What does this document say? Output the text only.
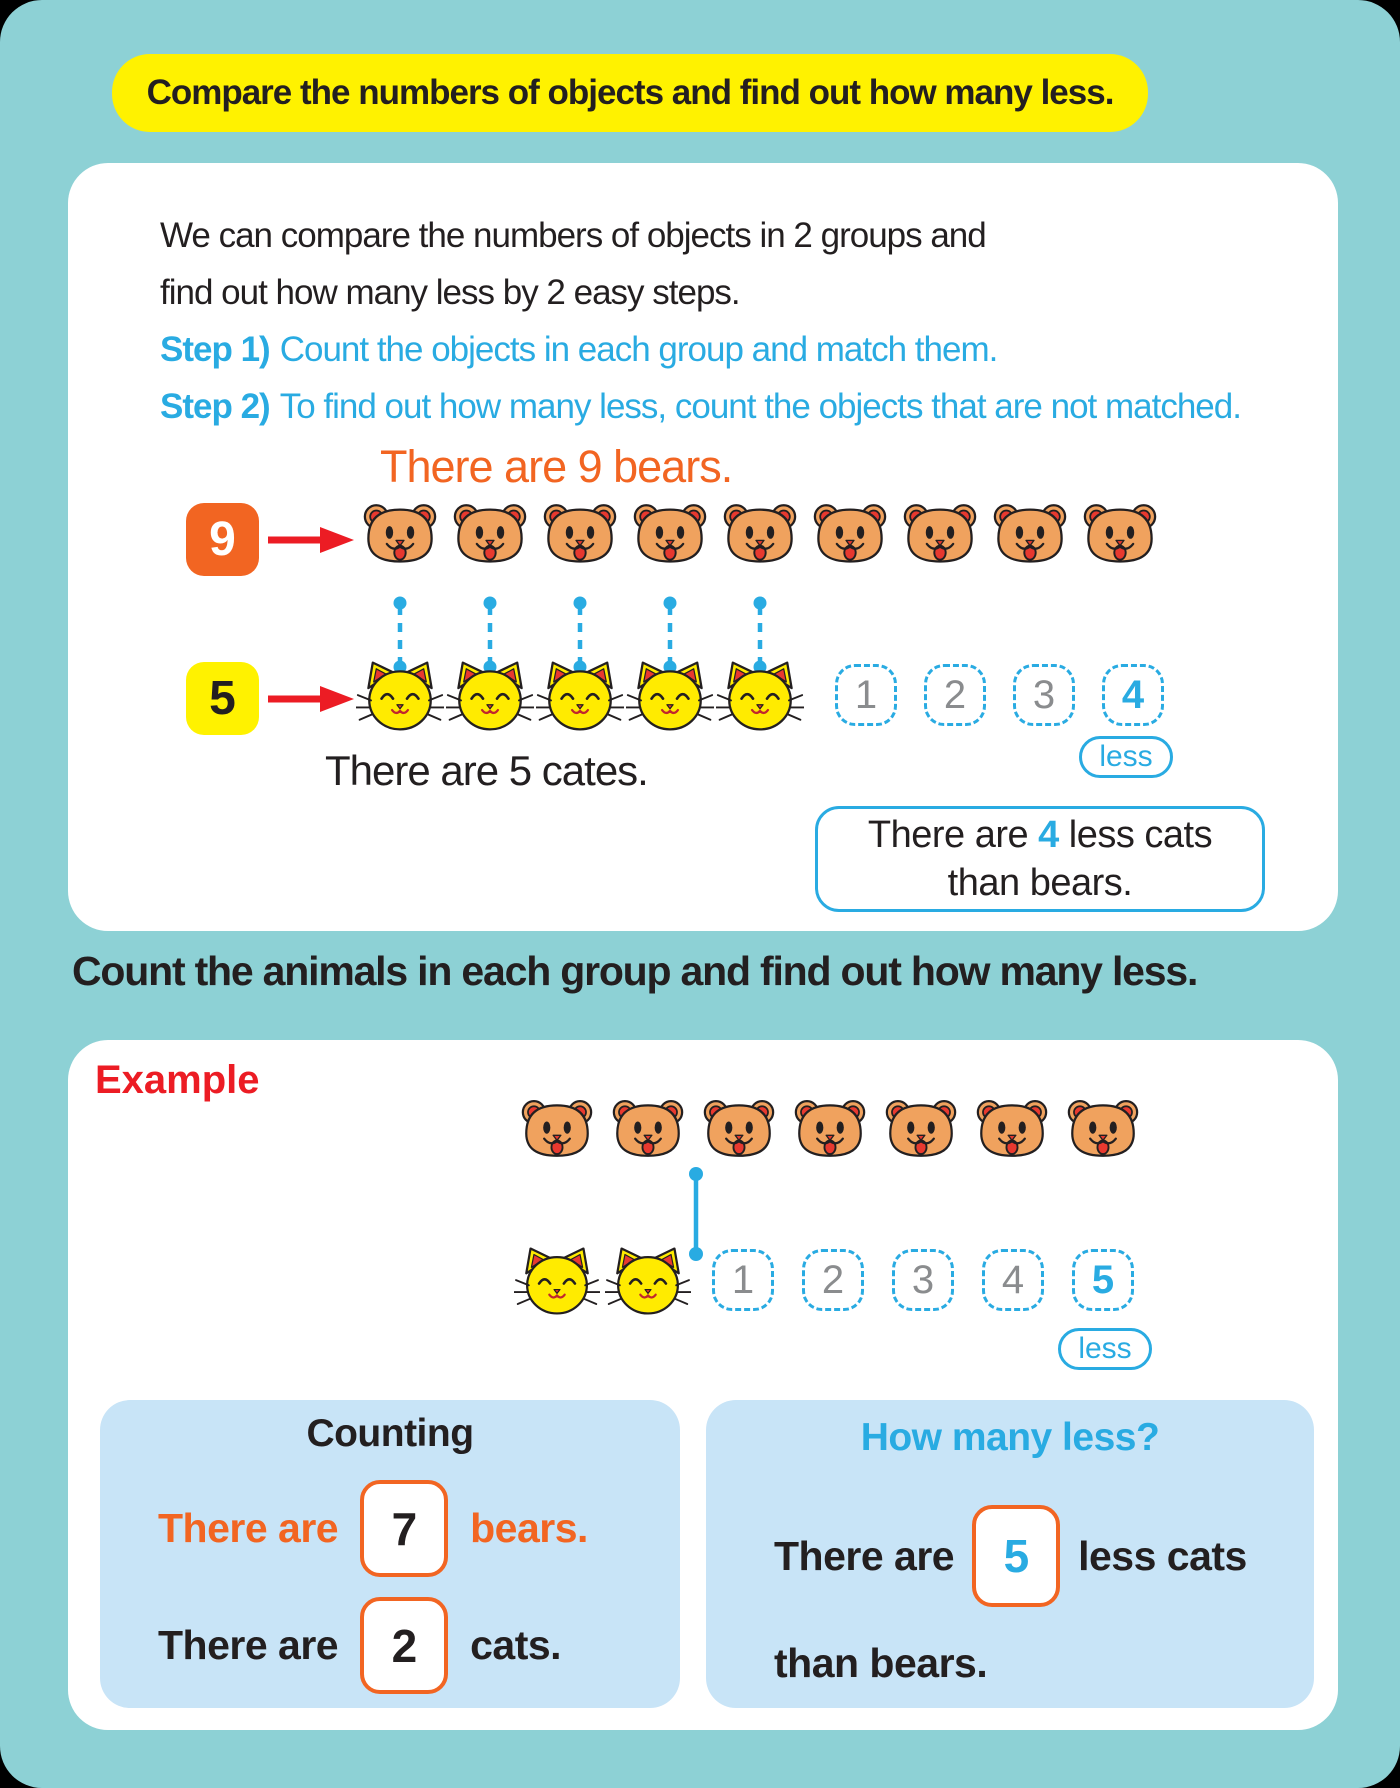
Compare the numbers of objects and find out how many less.
We can compare the numbers of objects in 2 groups and
find out how many less by 2 easy steps.
Step 1) Count the objects in each group and match them.
Step 2) To find out how many less, count the objects that are not matched.
There are 9 bears.
9
5	1	2	3	4
There are 5 cates.	less
There are 4 less cats
than bears.
Count the animals in each group and find out how many less.
Example
1	2	3	4	5
less
Counting
There are 7 bears.
There are 2 cats.
How many less?
There are 5 less cats
than bears.
